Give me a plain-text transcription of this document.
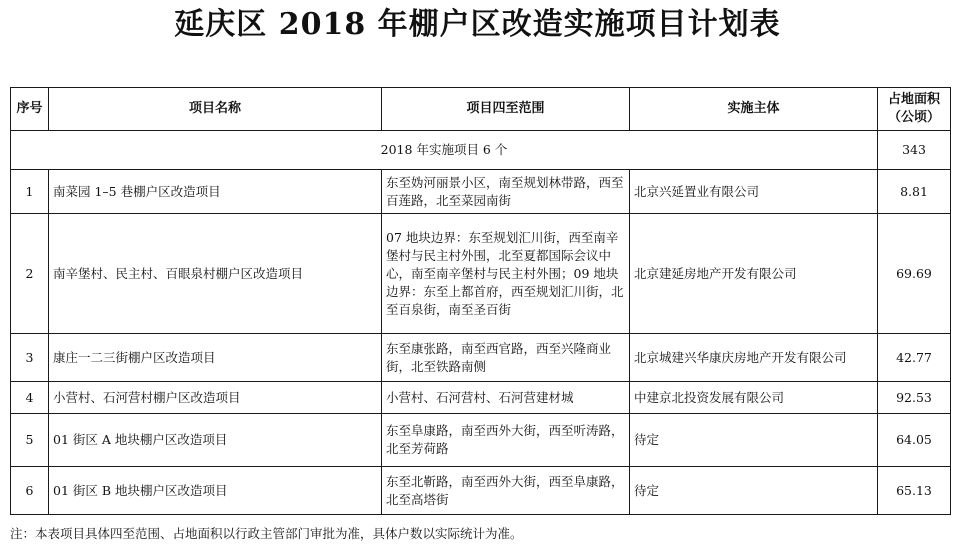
延庆区 2018 年棚户区改造实施项目计划表
序号	项目名称	项目四至范围	实施主体	占地面积
（公顷）

2018 年实施项目 6 个				343
1	南菜园 1–5 巷棚户区改造项目	东至妫河丽景小区，南至规划林带路，西至百莲路，北至菜园南街	北京兴延置业有限公司	8.81
2	南辛堡村、民主村、百眼泉村棚户区改造项目	07 地块边界：东至规划汇川街，西至南辛堡村与民主村外围，北至夏都国际会议中心，南至南辛堡村与民主村外围；09 地块边界：东至上都首府，西至规划汇川街，北至百泉街，南至圣百街	北京建延房地产开发有限公司	69.69
3	康庄一二三街棚户区改造项目	东至康张路，南至西官路，西至兴隆商业街，北至铁路南侧	北京城建兴华康庆房地产开发有限公司	42.77
4	小营村、石河营村棚户区改造项目	小营村、石河营村、石河营建材城	中建京北投资发展有限公司	92.53
5	01 街区 A 地块棚户区改造项目	东至阜康路，南至西外大街，西至听涛路，北至芳荷路	待定	64.05
6	01 街区 B 地块棚户区改造项目	东至北靳路，南至西外大街，西至阜康路，北至高塔街	待定	65.13
注：本表项目具体四至范围、占地面积以行政主管部门审批为准，具体户数以实际统计为准。
